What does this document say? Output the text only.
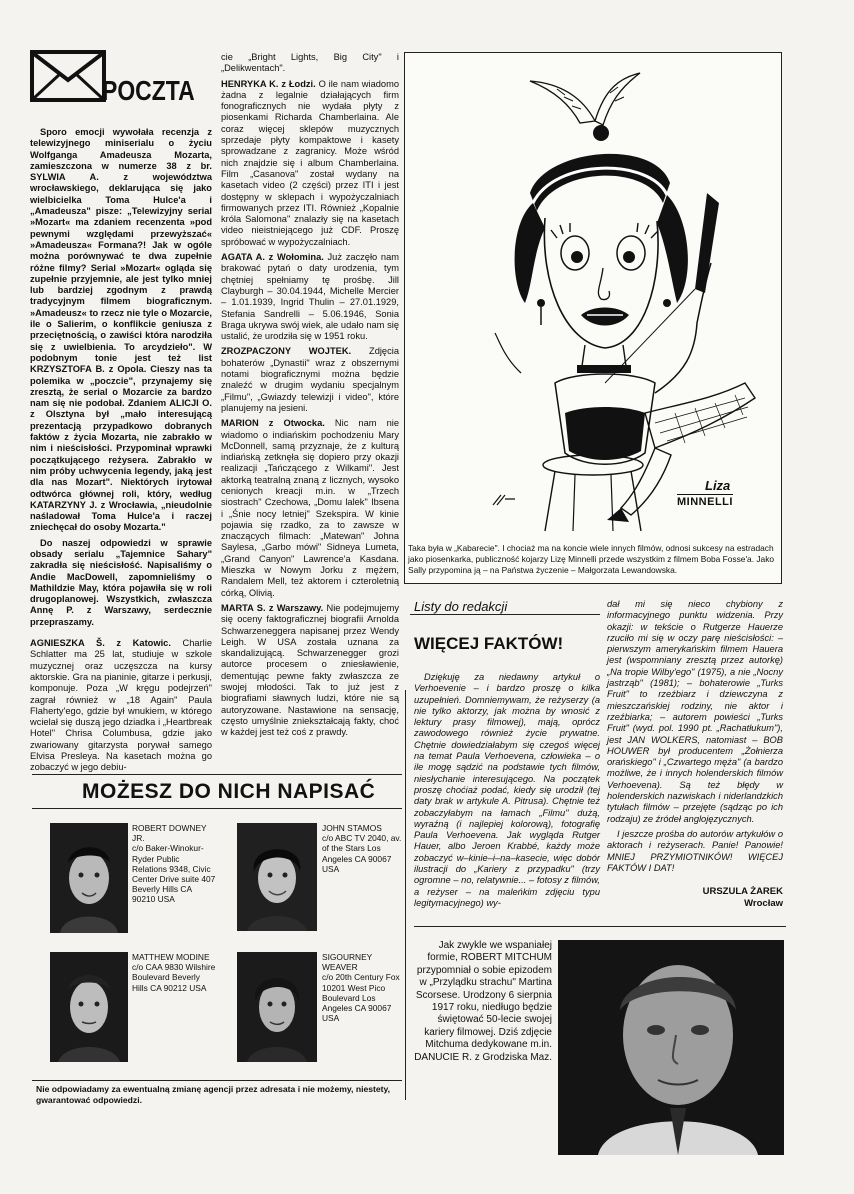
POCZTA

Sporo emocji wywołała recenzja z telewizyjnego miniserialu o życiu Wolfganga Amadeusza Mozarta, zamieszczona w numerze 38 z br. SYLWIA A. z województwa wrocławskiego, deklarująca się jako wielbicielka Toma Hulce'a i „Amadeusza" pisze: „Telewizyjny serial »Mozart« ma zdaniem recenzenta »pod pewnymi względami przewyższać« »Amadeusza« Formana?! Jak w ogóle można porównywać te dwa zupełnie różne filmy? Serial »Mozart« ogląda się zupełnie przyjemnie, ale jest tylko mniej lub bardziej zgodnym z prawdą tradycyjnym filmem biograficznym. »Amadeusz« to rzecz nie tyle o Mozarcie, ile o Salierim, o konflikcie geniusza z przeciętnością, o zawiści która narodziła się z uwielbienia. To arcydzieło". W podobnym tonie jest też list KRZYSZTOFA B. z Opola. Cieszy nas ta polemika w „poczcie", przynajemy się zresztą, że serial o Mozarcie za bardzo nam się nie podobał. Zdaniem ALICJI O. z Olsztyna był „mało interesującą prezentacją przypadkowo dobranych faktów z życia Mozarta, nie zabrakło w nim i nieścisłości. Przypominał wprawki początkującego reżysera. Zabrakło w nim próby uchwycenia legendy, jaką jest dla nas Mozart". Niektórych irytował odtwórca głównej roli, który, według KATARZYNY J. z Wrocławia, „nieudolnie naśladował Toma Hulce'a i raczej zniechęcał do osoby Mozarta."

Do naszej odpowiedzi w sprawie obsady serialu „Tajemnice Sahary" zakradła się nieścisłość. Napisaliśmy o Andie MacDowell, zapomnieliśmy o Mathildzie May, która pojawiła się w roli drugoplanowej. Wszystkich, zwłaszcza Annę P. z Warszawy, serdecznie przepraszamy.

AGNIESZKA Š. z Katowic. Charlie Schlatter ma 25 lat, studiuje w szkole muzycznej oraz uczęszcza na kursy aktorskie. Gra na pianinie, gitarze i perkusji, komponuje. Poza „W kręgu podejrzeń" zagrał również w „18 Again" Paula Flaherty'ego, gdzie był wnukiem, w którego wcielał się duszą jego dziadka i „Heartbreak Hotel" Chrisa Columbusa, gdzie jako zwariowany gitarzysta porywał samego Elvisa Presleya. Na kasetach można go zobaczyć w jego debiu-

cie „Bright Lights, Big City" i „Delikwentach".

HENRYKA K. z Łodzi. O ile nam wiadomo żadna z legalnie działających firm fonograficznych nie wydała płyty z piosenkami Richarda Chamberlaina. Ale coraz więcej sklepów muzycznych sprzedaje płyty kompaktowe i kasety sprowadzane z zagranicy. Może wśród nich znajdzie się i album Chamberlaina. Film „Casanova" został wydany na kasetach video (2 części) przez ITI i jest dostępny w sklepach i wypożyczalniach firmowanych przez ITI. Również „Kopalnie króla Salomona" znalazły się na kasetach video nieistniejącego już CDF. Proszę spróbować w wypożyczalniach.

AGATA A. z Wołomina. Już zaczęło nam brakować pytań o daty urodzenia, tym chętniej spełniamy tę prośbę. Jill Clayburgh – 30.04.1944, Michelle Mercier – 1.01.1939, Ingrid Thulin – 27.01.1929, Stefania Sandrelli – 5.06.1946, Sonia Braga ukrywa swój wiek, ale udało nam się ustalić, że urodziła się w 1951 roku.

ZROZPACZONY WOJTEK. Zdjęcia bohaterów „Dynastii" wraz z obszernymi notami biograficznymi można będzie znaleźć w drugim wydaniu specjalnym „Filmu", „Gwiazdy telewizji i video", które planujemy na jesieni.

MARION z Otwocka. Nic nam nie wiadomo o indiańskim pochodzeniu Mary McDonnell, samą przyznaje, że z kulturą indiańską zetknęła się dopiero przy okazji realizacji „Tańczącego z Wilkami". Jest aktorką teatralną znaną z licznych, wysoko cenionych kreacji m.in. w „Trzech siostrach" Czechowa, „Domu lalek" Ibsena i „Śnie nocy letniej" Szekspira. W kinie pojawia się rzadko, za to zawsze w znaczących filmach: „Matewan" Johna Saylesa, „Garbo mówi" Sidneya Lumeta, „Grand Canyon" Lawrence'a Kasdana. Mieszka w Nowym Jorku z mężem, Randalem Mell, też aktorem i czteroletnią córką, Olivią.

MARTA S. z Warszawy. Nie podejmujemy się oceny faktograficznej biografii Arnolda Schwarzeneggera napisanej przez Wendy Leigh. W USA została uznana za skandalizującą. Schwarzenegger grozi autorce procesem o zniesławienie, dementując pewne fakty zwłaszcza ze swojej młodości. Tak to już jest z biografiami sławnych ludzi, które nie są autoryzowane. Nastawione na sensację, często umyślnie zniekształcają fakty, choć w każdej jest też coś z prawdy.

Liza
MINNELLI
Taka była w „Kabarecie". I chociaż ma na koncie wiele innych filmów, odnosi sukcesy na estradach jako piosenkarka, publiczność kojarzy Lizę Minnelli przede wszystkim z filmem Boba Fosse'a. Jako Sally przypomina ją – na Państwa życzenie – Małgorzata Lewandowska.
Listy do redakcji
WIĘCEJ FAKTÓW!

Dziękuję za niedawny artykuł o Verhoevenie – i bardzo proszę o kilka uzupełnień. Domniemywam, że reżyserzy (a nie tylko aktorzy, jak można by wnosić z lektury prasy filmowej), mają, oprócz zawodowego również życie prywatne. Chętnie dowiedziałabym się czegoś więcej na temat Paula Verhoevena, człowieka – o ile mogę sądzić na podstawie tych filmów, niesłychanie interesującego. Na początek proszę choćiaż podać, kiedy się urodził (tej daty brak w artykule A. Pitrusa). Chętnie też zobaczyłabym na łamach „Filmu" dużą, wyraźną (i najlepiej kolorową), fotografię Paula Verhoevena. Jak wygląda Rutger Hauer, albo Jeroen Krabbé, każdy może zobaczyć w–kinie–i–na–kasecie, więc dobór ilustracji do „Kariery z przypadku" (trzy ogromne – no, relatywnie... – fotosy z filmów, a reżyser – na maleńkim zdjęciu typu legitymacyjnego) wy-

dał mi się nieco chybiony z informacyjnego punktu widzenia. Przy okazji: w tekście o Rutgerze Hauerze rzuciło mi się w oczy parę nieścisłości: – pierwszym amerykańskim filmem Hauera jest (wspomniany zresztą przez autorkę) „Na tropie Wilby'ego" (1975), a nie „Nocny jastrząb" (1981); – bohaterowie „Turks Fruit" to rzeźbiarz i dziewczyna z mieszczańskiej rodziny, nie aktor i rzeźbiarka; – autorem powieści „Turks Fruit" (wyd. pol. 1990 pt. „Rachatłukum"), jest JAN WOLKERS, natomiast – BOB HOUWER był producentem „Żołnierza orańskiego" i „Czwartego męża" (a bardzo możliwe, że i innych holenderskich filmów Verhoevena). Są też błędy w holenderskich nazwiskach i niderlandzkich tytułach filmów – przejęte (sądząc po ich rodzaju) ze źródeł anglojęzycznych.

I jeszcze prośba do autorów artykułów o aktorach i reżyserach. Panie! Panowie! MNIEJ PRZYMIOTNIKÓW! WIĘCEJ FAKTÓW I DAT!

URSZULA ŻAREK
Wrocław
MOŻESZ DO NICH NAPISAĆ
ROBERT DOWNEY JR.
c/o Baker-Winokur-Ryder Public Relations 9348, Civic Center Drive suite 407 Beverly Hills CA 90210 USA
JOHN STAMOS
c/o ABC TV 2040, av. of the Stars Los Angeles CA 90067 USA
MATTHEW MODINE
c/o CAA 9830 Wilshire Boulevard Beverly Hills CA 90212 USA
SIGOURNEY WEAVER
c/o 20th Century Fox 10201 West Pico Boulevard Los Angeles CA 90067 USA
Nie odpowiadamy za ewentualną zmianę agencji przez adresata i nie możemy, niestety, gwarantować odpowiedzi.
Jak zwykle we wspaniałej formie, ROBERT MITCHUM przypomniał o sobie epizodem w „Przylądku strachu" Martina Scorsese. Urodzony 6 sierpnia 1917 roku, niedługo będzie świętować 50-lecie swojej kariery filmowej. Dziś zdjęcie Mitchuma dedykowane m.in. DANUCIE R. z Grodziska Maz.
